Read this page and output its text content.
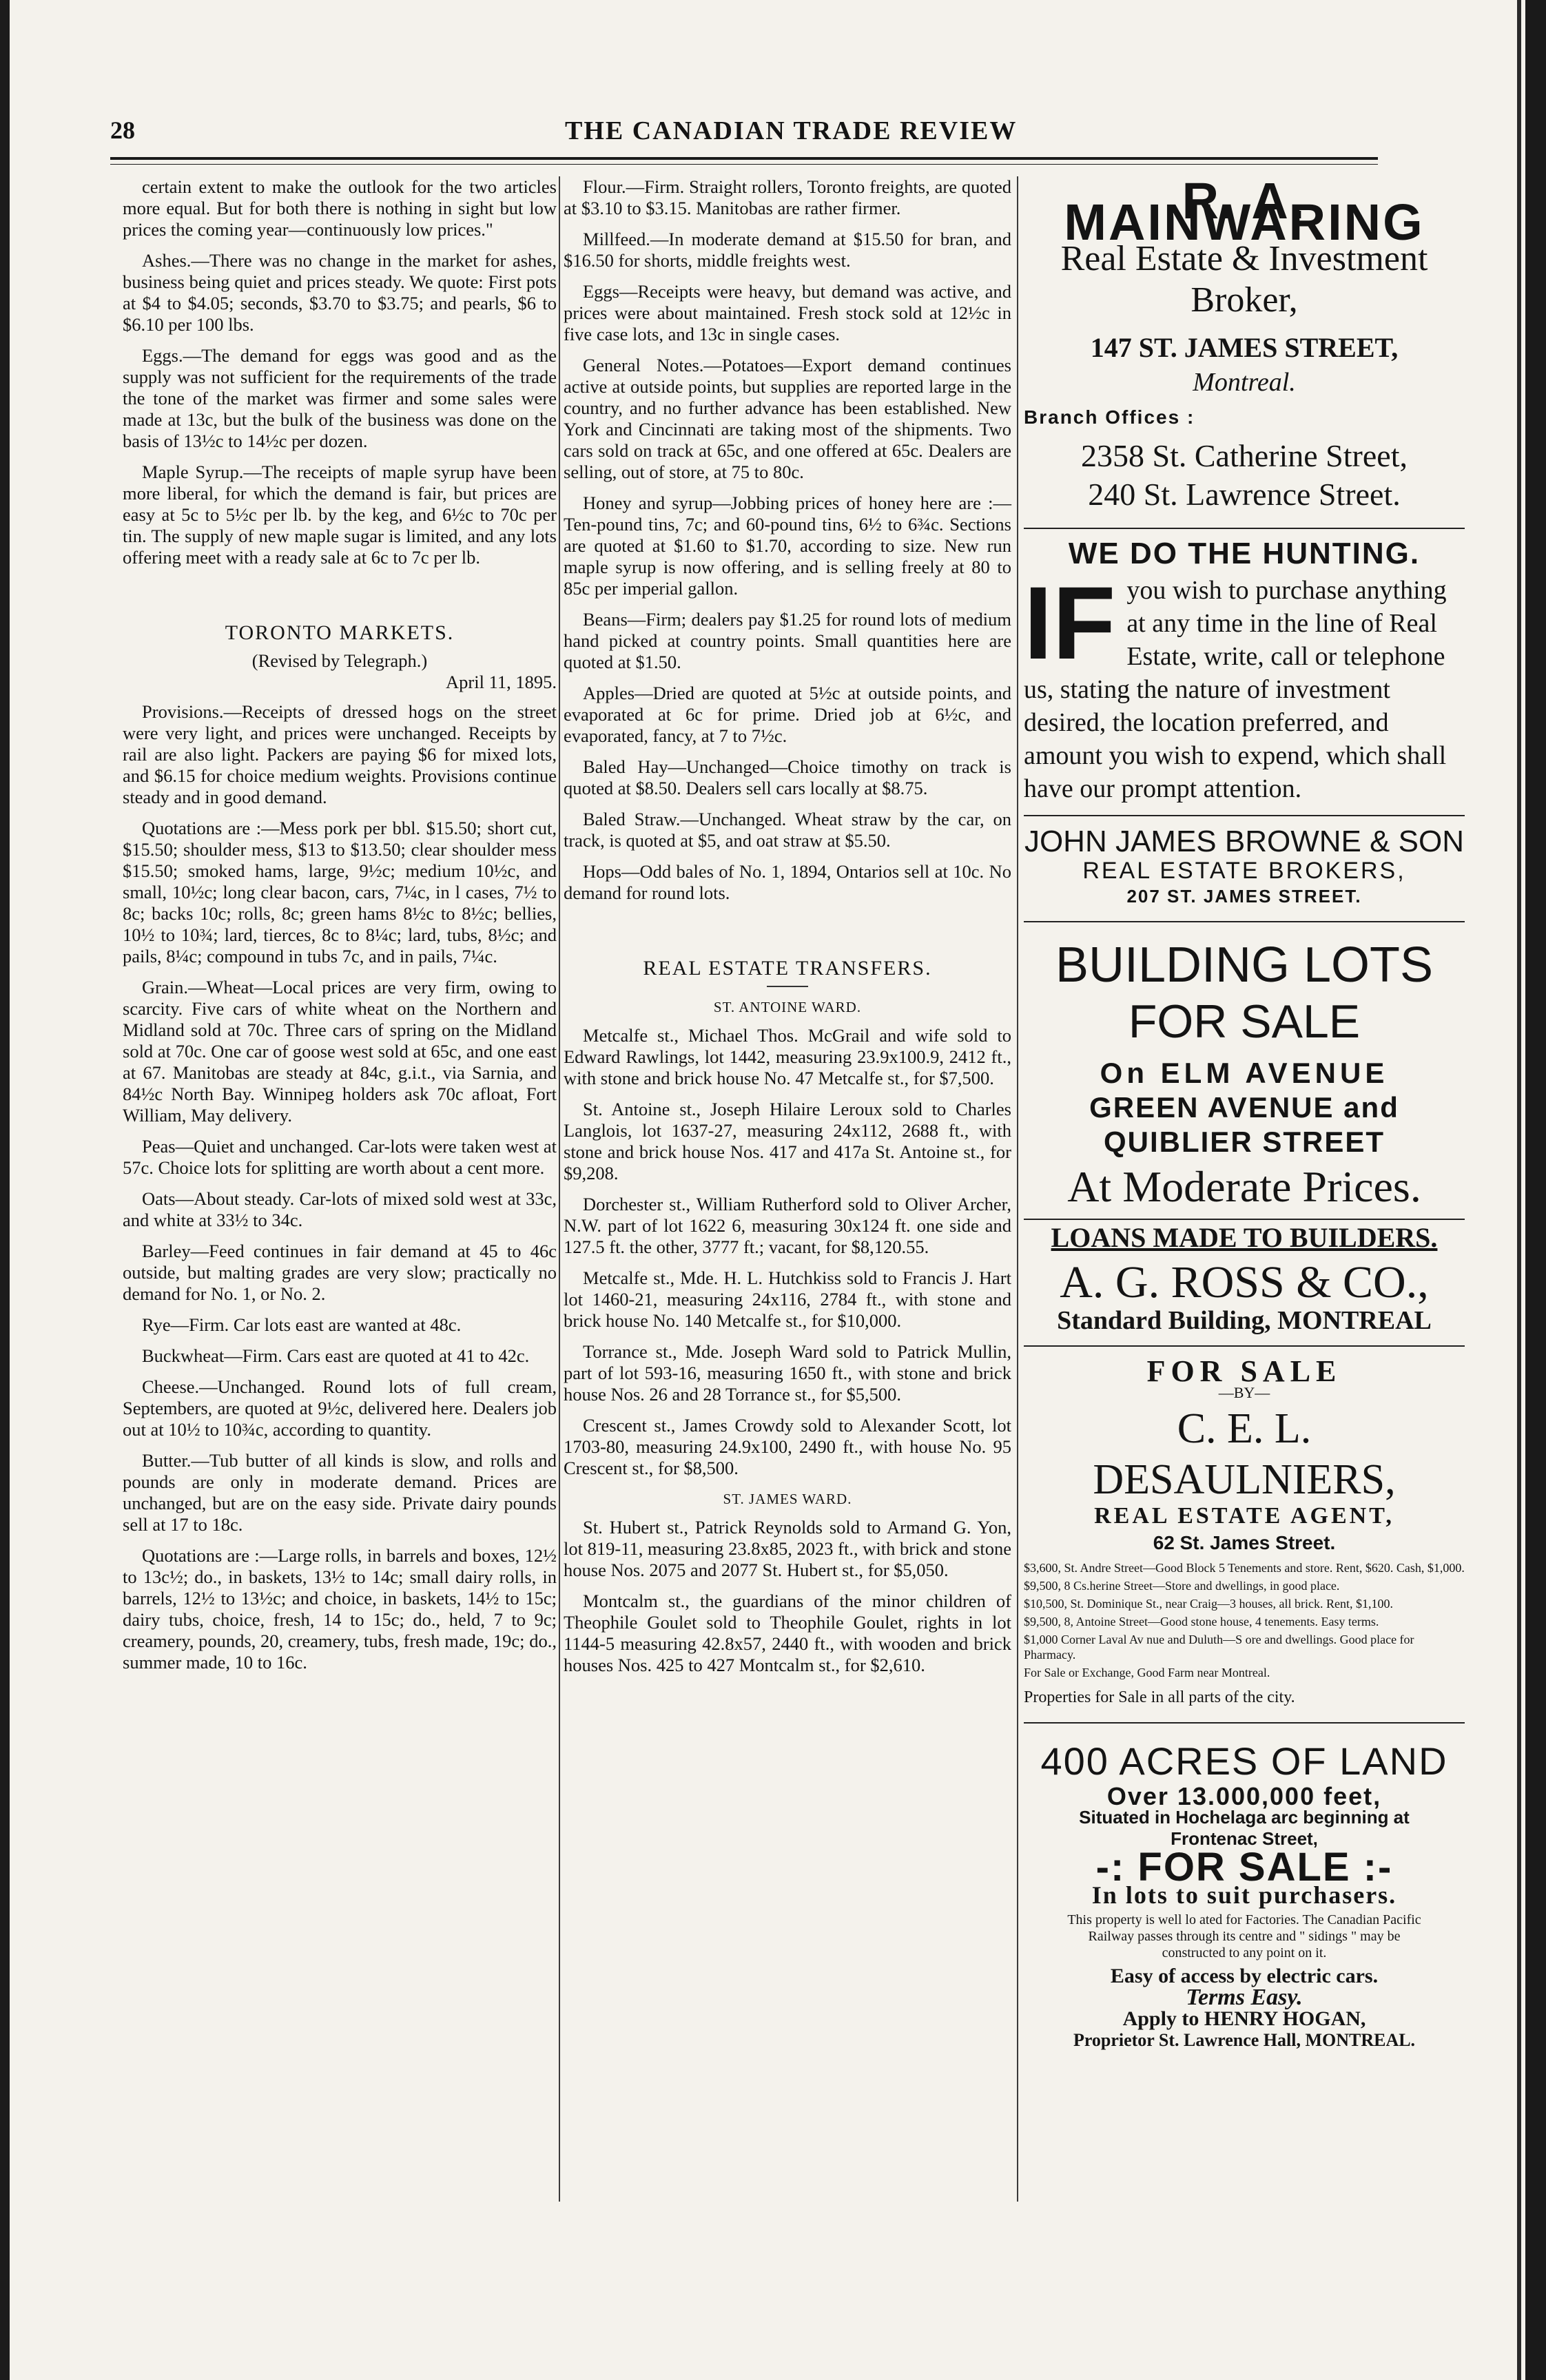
28	THE CANADIAN TRADE REVIEW

certain extent to make the outlook for the two articles more equal. But for both there is nothing in sight but low prices the coming year—continuously low prices."

Ashes.—There was no change in the market for ashes, business being quiet and prices steady. We quote: First pots at $4 to $4.05; seconds, $3.70 to $3.75; and pearls, $6 to $6.10 per 100 lbs.

Eggs.—The demand for eggs was good and as the supply was not sufficient for the requirements of the trade the tone of the market was firmer and some sales were made at 13c, but the bulk of the business was done on the basis of 13½c to 14½c per dozen.

Maple Syrup.—The receipts of maple syrup have been more liberal, for which the demand is fair, but prices are easy at 5c to 5½c per lb. by the keg, and 6½c to 70c per tin. The supply of new maple sugar is limited, and any lots offering meet with a ready sale at 6c to 7c per lb.

TORONTO MARKETS.
(Revised by Telegraph.)
April 11, 1895.

Provisions.—Receipts of dressed hogs on the street were very light, and prices were unchanged. Receipts by rail are also light. Packers are paying $6 for mixed lots, and $6.15 for choice medium weights. Provisions continue steady and in good demand.

Quotations are :—Mess pork per bbl. $15.50; short cut, $15.50; shoulder mess, $13 to $13.50; clear shoulder mess $15.50; smoked hams, large, 9½c; medium 10½c, and small, 10½c; long clear bacon, cars, 7¼c, in l cases, 7½ to 8c; backs 10c; rolls, 8c; green hams 8½c to 8½c; bellies, 10½ to 10¾; lard, tierces, 8c to 8¼c; lard, tubs, 8½c; and pails, 8¼c; compound in tubs 7c, and in pails, 7¼c.

Grain.—Wheat—Local prices are very firm, owing to scarcity. Five cars of white wheat on the Northern and Midland sold at 70c. Three cars of spring on the Midland sold at 70c. One car of goose west sold at 65c, and one east at 67. Manitobas are steady at 84c, g.i.t., via Sarnia, and 84½c North Bay. Winnipeg holders ask 70c afloat, Fort William, May delivery.

Peas—Quiet and unchanged. Car-lots were taken west at 57c. Choice lots for splitting are worth about a cent more.

Oats—About steady. Car-lots of mixed sold west at 33c, and white at 33½ to 34c.

Barley—Feed continues in fair demand at 45 to 46c outside, but malting grades are very slow; practically no demand for No. 1, or No. 2.

Rye—Firm. Car lots east are wanted at 48c.

Buckwheat—Firm. Cars east are quoted at 41 to 42c.

Cheese.—Unchanged. Round lots of full cream, Septembers, are quoted at 9½c, delivered here. Dealers job out at 10½ to 10¾c, according to quantity.

Butter.—Tub butter of all kinds is slow, and rolls and pounds are only in moderate demand. Prices are unchanged, but are on the easy side. Private dairy pounds sell at 17 to 18c.

Quotations are :—Large rolls, in barrels and boxes, 12½ to 13c½; do., in baskets, 13½ to 14c; small dairy rolls, in barrels, 12½ to 13½c; and choice, in baskets, 14½ to 15c; dairy tubs, choice, fresh, 14 to 15c; do., held, 7 to 9c; creamery, pounds, 20, creamery, tubs, fresh made, 19c; do., summer made, 10 to 16c.

Flour.—Firm. Straight rollers, Toronto freights, are quoted at $3.10 to $3.15. Manitobas are rather firmer.

Millfeed.—In moderate demand at $15.50 for bran, and $16.50 for shorts, middle freights west.

Eggs—Receipts were heavy, but demand was active, and prices were about maintained. Fresh stock sold at 12½c in five case lots, and 13c in single cases.

General Notes.—Potatoes—Export demand continues active at outside points, but supplies are reported large in the country, and no further advance has been established. New York and Cincinnati are taking most of the shipments. Two cars sold on track at 65c, and one offered at 65c. Dealers are selling, out of store, at 75 to 80c.

Honey and syrup—Jobbing prices of honey here are :—Ten-pound tins, 7c; and 60-pound tins, 6½ to 6¾c. Sections are quoted at $1.60 to $1.70, according to size. New run maple syrup is now offering, and is selling freely at 80 to 85c per imperial gallon.

Beans—Firm; dealers pay $1.25 for round lots of medium hand picked at country points. Small quantities here are quoted at $1.50.

Apples—Dried are quoted at 5½c at outside points, and evaporated at 6c for prime. Dried job at 6½c, and evaporated, fancy, at 7 to 7½c.

Baled Hay—Unchanged—Choice timothy on track is quoted at $8.50. Dealers sell cars locally at $8.75.

Baled Straw.—Unchanged. Wheat straw by the car, on track, is quoted at $5, and oat straw at $5.50.

Hops—Odd bales of No. 1, 1894, Ontarios sell at 10c. No demand for round lots.

REAL ESTATE TRANSFERS.
ST. ANTOINE WARD.

Metcalfe st., Michael Thos. McGrail and wife sold to Edward Rawlings, lot 1442, measuring 23.9x100.9, 2412 ft., with stone and brick house No. 47 Metcalfe st., for $7,500.

St. Antoine st., Joseph Hilaire Leroux sold to Charles Langlois, lot 1637-27, measuring 24x112, 2688 ft., with stone and brick house Nos. 417 and 417a St. Antoine st., for $9,208.

Dorchester st., William Rutherford sold to Oliver Archer, N.W. part of lot 1622 6, measuring 30x124 ft. one side and 127.5 ft. the other, 3777 ft.; vacant, for $8,120.55.

Metcalfe st., Mde. H. L. Hutchkiss sold to Francis J. Hart lot 1460-21, measuring 24x116, 2784 ft., with stone and brick house No. 140 Metcalfe st., for $10,000.

Torrance st., Mde. Joseph Ward sold to Patrick Mullin, part of lot 593-16, measuring 1650 ft., with stone and brick house Nos. 26 and 28 Torrance st., for $5,500.

Crescent st., James Crowdy sold to Alexander Scott, lot 1703-80, measuring 24.9x100, 2490 ft., with house No. 95 Crescent st., for $8,500.

ST. JAMES WARD.

St. Hubert st., Patrick Reynolds sold to Armand G. Yon, lot 819-11, measuring 23.8x85, 2023 ft., with brick and stone house Nos. 2075 and 2077 St. Hubert st., for $5,050.

Montcalm st., the guardians of the minor children of Theophile Goulet sold to Theophile Goulet, rights in lot 1144-5 measuring 42.8x57, 2440 ft., with wooden and brick houses Nos. 425 to 427 Montcalm st., for $2,610.

R. A. MAINWARING
Real Estate & Investment Broker,
147 ST. JAMES STREET,
Montreal.
Branch Offices :
2358 St. Catherine Street,
240 St. Lawrence Street.
WE DO THE HUNTING.
IF you wish to purchase anything at any time in the line of Real Estate, write, call or telephone us, stating the nature of investment desired, the location preferred, and amount you wish to expend, which shall have our prompt attention.
JOHN JAMES BROWNE & SON
REAL ESTATE BROKERS,
207 ST. JAMES STREET.
BUILDING LOTS
FOR SALE
On ELM AVENUE
GREEN AVENUE and
QUIBLIER STREET
At Moderate Prices.
LOANS MADE TO BUILDERS.
A. G. ROSS & CO.,
Standard Building, MONTREAL
FOR SALE
—BY—
C. E. L. DESAULNIERS,
REAL ESTATE AGENT,
62 St. James Street.
$3,600, St. Andre Street—Good Block 5 Tenements and store. Rent, $620. Cash, $1,000.
$9,500, 8 Cs.herine Street—Store and dwellings, in good place.
$10,500, St. Dominique St., near Craig—3 houses, all brick. Rent, $1,100.
$9,500, 8, Antoine Street—Good stone house, 4 tenements. Easy terms.
$1,000 Corner Laval Av nue and Duluth—S ore and dwellings. Good place for Pharmacy.
For Sale or Exchange, Good Farm near Montreal.
Properties for Sale in all parts of the city.
400 ACRES OF LAND
Over 13.000,000 feet,
Situated in Hochelaga arc beginning at Frontenac Street,
-: FOR SALE :-
In lots to suit purchasers.
This property is well lo ated for Factories. The Canadian Pacific Railway passes through its centre and " sidings " may be constructed to any point on it.
Easy of access by electric cars.
Terms Easy.
Apply to HENRY HOGAN,
Proprietor St. Lawrence Hall, MONTREAL.
